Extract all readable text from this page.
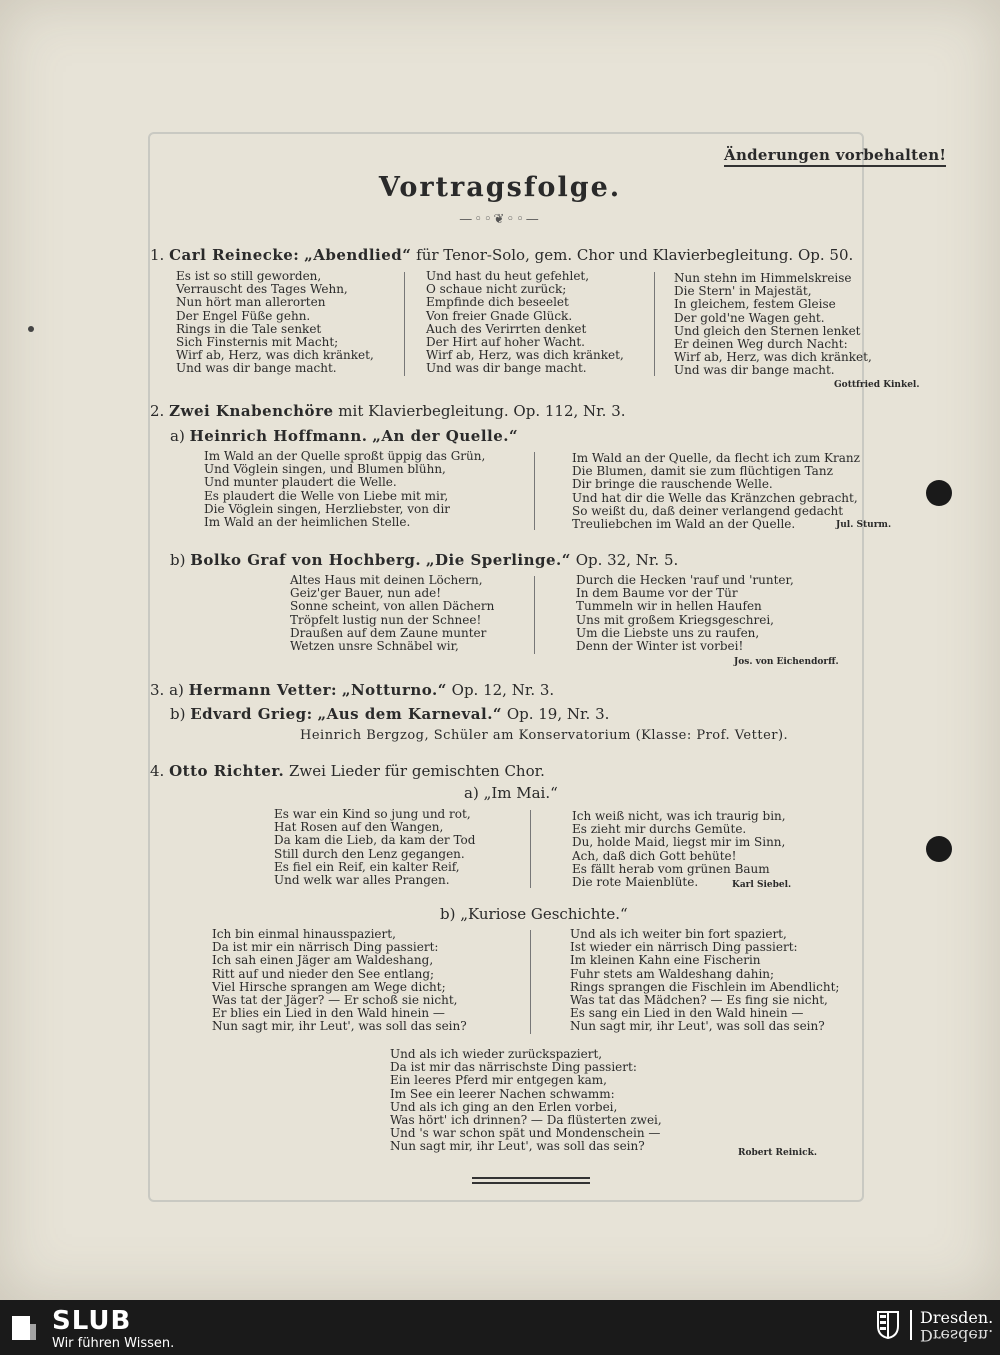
Änderungen vorbehalten!
Vortragsfolge.
—◦◦❦◦◦—
1. Carl Reinecke: „Abendlied“ für Tenor-Solo, gem. Chor und Klavierbegleitung. Op. 50.
Es ist so still geworden,
Verrauscht des Tages Wehn,
Nun hört man allerorten
Der Engel Füße gehn.
Rings in die Tale senket
Sich Finsternis mit Macht;
Wirf ab, Herz, was dich kränket,
Und was dir bange macht.
Und hast du heut gefehlet,
O schaue nicht zurück;
Empfinde dich beseelet
Von freier Gnade Glück.
Auch des Verirrten denket
Der Hirt auf hoher Wacht.
Wirf ab, Herz, was dich kränket,
Und was dir bange macht.
Nun stehn im Himmelskreise
Die Stern' in Majestät,
In gleichem, festem Gleise
Der gold'ne Wagen geht.
Und gleich den Sternen lenket
Er deinen Weg durch Nacht:
Wirf ab, Herz, was dich kränket,
Und was dir bange macht.
Gottfried Kinkel.
2. Zwei Knabenchöre mit Klavierbegleitung. Op. 112, Nr. 3.
a) Heinrich Hoffmann. „An der Quelle.“
Im Wald an der Quelle sproßt üppig das Grün,
Und Vöglein singen, und Blumen blühn,
Und munter plaudert die Welle.
Es plaudert die Welle von Liebe mit mir,
Die Vöglein singen, Herzliebster, von dir
Im Wald an der heimlichen Stelle.
Im Wald an der Quelle, da flecht ich zum Kranz
Die Blumen, damit sie zum flüchtigen Tanz
Dir bringe die rauschende Welle.
Und hat dir die Welle das Kränzchen gebracht,
So weißt du, daß deiner verlangend gedacht
Treuliebchen im Wald an der Quelle.	Jul. Sturm.
b) Bolko Graf von Hochberg. „Die Sperlinge.“ Op. 32, Nr. 5.
Altes Haus mit deinen Löchern,
Geiz'ger Bauer, nun ade!
Sonne scheint, von allen Dächern
Tröpfelt lustig nun der Schnee!
Draußen auf dem Zaune munter
Wetzen unsre Schnäbel wir,
Durch die Hecken 'rauf und 'runter,
In dem Baume vor der Tür
Tummeln wir in hellen Haufen
Uns mit großem Kriegsgeschrei,
Um die Liebste uns zu raufen,
Denn der Winter ist vorbei!
Jos. von Eichendorff.
3. a) Hermann Vetter: „Notturno.“ Op. 12, Nr. 3.
b) Edvard Grieg: „Aus dem Karneval.“ Op. 19, Nr. 3.
Heinrich Bergzog, Schüler am Konservatorium (Klasse: Prof. Vetter).
4. Otto Richter. Zwei Lieder für gemischten Chor.
a) „Im Mai.“
Es war ein Kind so jung und rot,
Hat Rosen auf den Wangen,
Da kam die Lieb, da kam der Tod
Still durch den Lenz gegangen.
Es fiel ein Reif, ein kalter Reif,
Und welk war alles Prangen.
Ich weiß nicht, was ich traurig bin,
Es zieht mir durchs Gemüte.
Du, holde Maid, liegst mir im Sinn,
Ach, daß dich Gott behüte!
Es fällt herab vom grünen Baum
Die rote Maienblüte.	Karl Siebel.
b) „Kuriose Geschichte.“
Ich bin einmal hinausspaziert,
Da ist mir ein närrisch Ding passiert:
Ich sah einen Jäger am Waldeshang,
Ritt auf und nieder den See entlang;
Viel Hirsche sprangen am Wege dicht;
Was tat der Jäger? — Er schoß sie nicht,
Er blies ein Lied in den Wald hinein —
Nun sagt mir, ihr Leut', was soll das sein?
Und als ich weiter bin fort spaziert,
Ist wieder ein närrisch Ding passiert:
Im kleinen Kahn eine Fischerin
Fuhr stets am Waldeshang dahin;
Rings sprangen die Fischlein im Abendlicht;
Was tat das Mädchen? — Es fing sie nicht,
Es sang ein Lied in den Wald hinein —
Nun sagt mir, ihr Leut', was soll das sein?
Und als ich wieder zurückspaziert,
Da ist mir das närrischste Ding passiert:
Ein leeres Pferd mir entgegen kam,
Im See ein leerer Nachen schwamm:
Und als ich ging an den Erlen vorbei,
Was hört' ich drinnen? — Da flüsterten zwei,
Und 's war schon spät und Mondenschein —
Nun sagt mir, ihr Leut', was soll das sein?	Robert Reinick.
SLUB
Wir führen Wissen.
Dresden.
Dresden.
